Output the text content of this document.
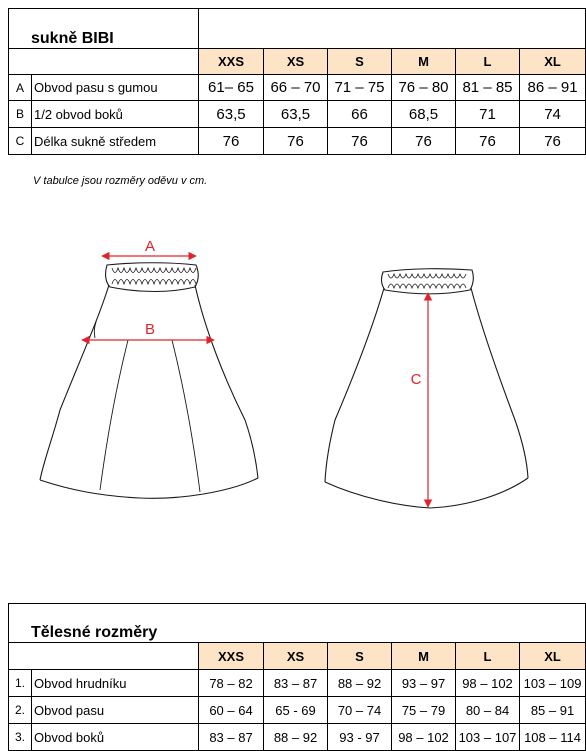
sukně BIBI							
		XXS	XS	S	M	L	XL
A	Obvod pasu s gumou	61– 65	66 – 70	71 – 75	76 – 80	81 – 85	86 – 91
B	1/2 obvod boků	63,5	63,5	66	68,5	71	74
C	Délka sukně středem	76	76	76	76	76	76
V tabulce jsou rozměry oděvu v cm.
A
B
C
Tělesné rozměry							
		XXS	XS	S	M	L	XL
1.	Obvod hrudníku	78 – 82	83 – 87	88 – 92	93 – 97	98 – 102	103 – 109
2.	Obvod pasu	60 – 64	65 - 69	70 – 74	75 – 79	80 – 84	85 – 91
3.	Obvod boků	83 – 87	88 – 92	93 - 97	98 – 102	103 – 107	108 – 114
